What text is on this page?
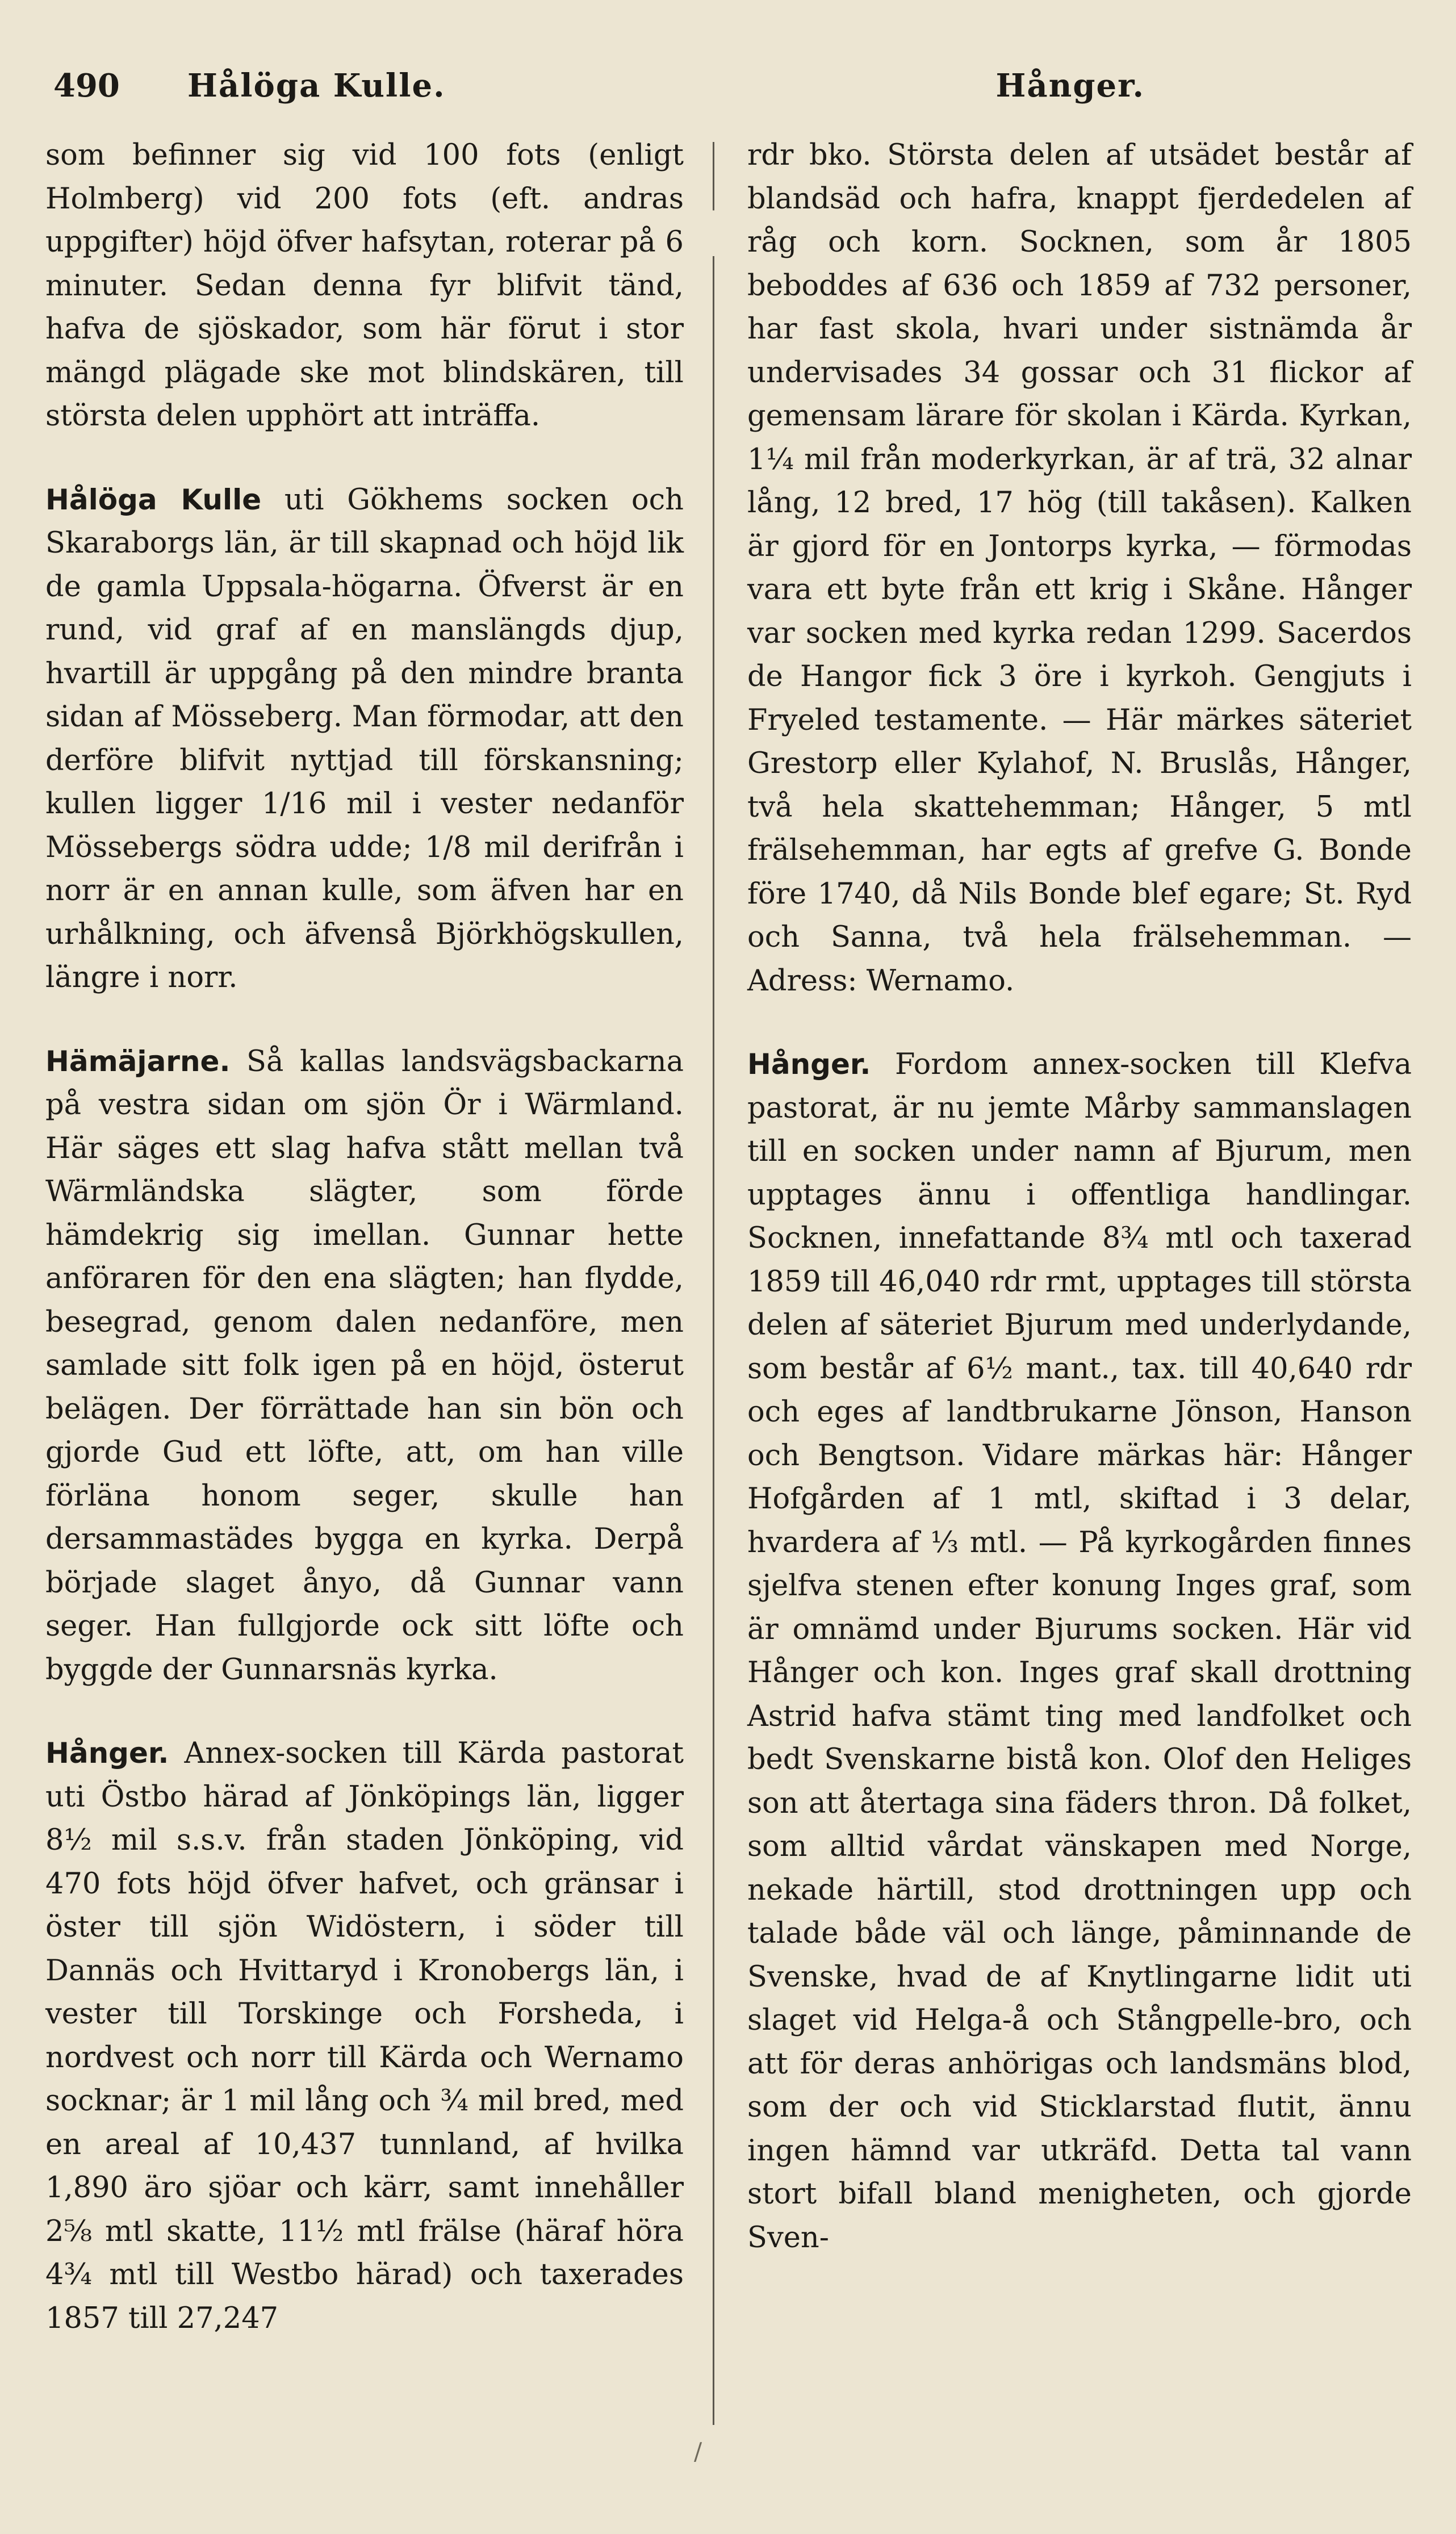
490 Hålöga Kulle.	Hånger.

som befinner sig vid 100 fots (enligt Holmberg) vid 200 fots (eft. andras uppgifter) höjd öfver hafsytan, roterar på 6 minuter. Sedan denna fyr blifvit tänd, hafva de sjöskador, som här förut i stor mängd plägade ske mot blindskären, till största delen upphört att inträffa.

Hålöga Kulle uti Gökhems socken och Skaraborgs län, är till skapnad och höjd lik de gamla Uppsala-högarna. Öfverst är en rund, vid graf af en manslängds djup, hvartill är uppgång på den mindre branta sidan af Mösseberg. Man förmodar, att den derföre blifvit nyttjad till förskansning; kullen ligger 1/16 mil i vester nedanför Mössebergs södra udde; 1/8 mil derifrån i norr är en annan kulle, som äfven har en urhålkning, och äfvenså Björkhögskullen, längre i norr.

Hämäjarne. Så kallas landsvägsbackarna på vestra sidan om sjön Ör i Wärmland. Här säges ett slag hafva stått mellan två Wärmländska slägter, som förde hämdekrig sig imellan. Gunnar hette anföraren för den ena slägten; han flydde, besegrad, genom dalen nedanföre, men samlade sitt folk igen på en höjd, österut belägen. Der förrättade han sin bön och gjorde Gud ett löfte, att, om han ville förläna honom seger, skulle han dersammastädes bygga en kyrka. Derpå började slaget ånyo, då Gunnar vann seger. Han fullgjorde ock sitt löfte och byggde der Gunnarsnäs kyrka.

Hånger. Annex-socken till Kärda pastorat uti Östbo härad af Jönköpings län, ligger 8½ mil s.s.v. från staden Jönköping, vid 470 fots höjd öfver hafvet, och gränsar i öster till sjön Widöstern, i söder till Dannäs och Hvittaryd i Kronobergs län, i vester till Torskinge och Forsheda, i nordvest och norr till Kärda och Wernamo socknar; är 1 mil lång och ¾ mil bred, med en areal af 10,437 tunnland, af hvilka 1,890 äro sjöar och kärr, samt innehåller 2⅝ mtl skatte, 11½ mtl frälse (häraf höra 4¾ mtl till Westbo härad) och taxerades 1857 till 27,247

rdr bko. Största delen af utsädet består af blandsäd och hafra, knappt fjerdedelen af råg och korn. Socknen, som år 1805 beboddes af 636 och 1859 af 732 personer, har fast skola, hvari under sistnämda år undervisades 34 gossar och 31 flickor af gemensam lärare för skolan i Kärda. Kyrkan, 1¼ mil från moderkyrkan, är af trä, 32 alnar lång, 12 bred, 17 hög (till takåsen). Kalken är gjord för en Jontorps kyrka, — förmodas vara ett byte från ett krig i Skåne. Hånger var socken med kyrka redan 1299. Sacerdos de Hangor fick 3 öre i kyrkoh. Gengjuts i Fryeled testamente. — Här märkes säteriet Grestorp eller Kylahof, N. Bruslås, Hånger, två hela skattehemman; Hånger, 5 mtl frälsehemman, har egts af grefve G. Bonde före 1740, då Nils Bonde blef egare; St. Ryd och Sanna, två hela frälsehemman. — Adress: Wernamo.

Hånger. Fordom annex-socken till Klefva pastorat, är nu jemte Mårby sammanslagen till en socken under namn af Bjurum, men upptages ännu i offentliga handlingar. Socknen, innefattande 8¾ mtl och taxerad 1859 till 46,040 rdr rmt, upptages till största delen af säteriet Bjurum med underlydande, som består af 6½ mant., tax. till 40,640 rdr och eges af landtbrukarne Jönson, Hanson och Bengtson. Vidare märkas här: Hånger Hofgården af 1 mtl, skiftad i 3 delar, hvardera af ⅓ mtl. — På kyrkogården finnes sjelfva stenen efter konung Inges graf, som är omnämd under Bjurums socken. Här vid Hånger och kon. Inges graf skall drottning Astrid hafva stämt ting med landfolket och bedt Svenskarne bistå kon. Olof den Heliges son att återtaga sina fäders thron. Då folket, som alltid vårdat vänskapen med Norge, nekade härtill, stod drottningen upp och talade både väl och länge, påminnande de Svenske, hvad de af Knytlingarne lidit uti slaget vid Helga-å och Stångpelle-bro, och att för deras anhörigas och landsmäns blod, som der och vid Sticklarstad flutit, ännu ingen hämnd var utkräfd. Detta tal vann stort bifall bland menigheten, och gjorde Sven-

/
